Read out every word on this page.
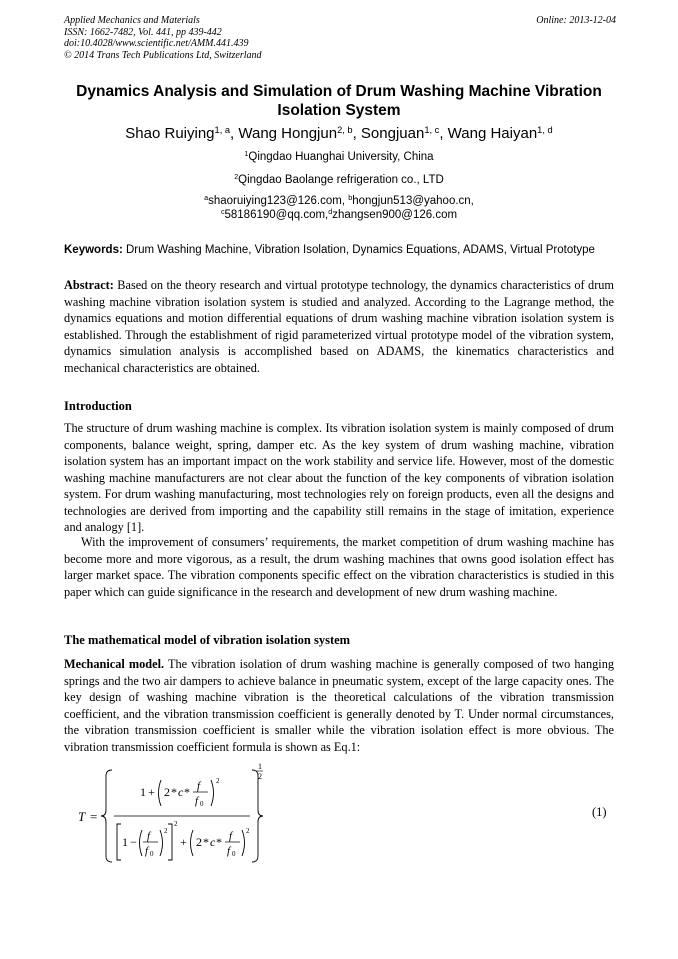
Applied Mechanics and Materials
ISSN: 1662-7482, Vol. 441, pp 439-442
doi:10.4028/www.scientific.net/AMM.441.439
© 2014 Trans Tech Publications Ltd, Switzerland
Online: 2013-12-04
Dynamics Analysis and Simulation of Drum Washing Machine Vibration
Isolation System
Shao Ruiying$^{1, a}$, Wang Hongjun$^{2, b}$, Songjuan$^{1, c}$, Wang Haiyan$^{1, d}$
$^1$Qingdao Huanghai University, China
$^2$Qingdao Baolange refrigeration co., LTD
$^a$shaoruiying123@126.com, $^b$hongjun513@yahoo.cn,
$^c$58186190@qq.com,$^d$zhangsen900@126.com
Keywords: Drum Washing Machine, Vibration Isolation, Dynamics Equations, ADAMS, Virtual Prototype
Abstract: Based on the theory research and virtual prototype technology, the dynamics characteristics of drum washing machine vibration isolation system is studied and analyzed. According to the Lagrange method, the dynamics equations and motion differential equations of drum washing machine vibration isolation system is established. Through the establishment of rigid parameterized virtual prototype model of the vibration system, dynamics simulation analysis is accomplished based on ADAMS, the kinematics characteristics and mechanical characteristics are obtained.
Introduction
The structure of drum washing machine is complex. Its vibration isolation system is mainly composed of drum components, balance weight, spring, damper etc. As the key system of drum washing machine, vibration isolation system has an important impact on the work stability and service life. However, most of the domestic washing machine manufacturers are not clear about the function of the key components of vibration isolation system. For drum washing manufacturing, most technologies rely on foreign products, even all the designs and technologies are derived from importing and the capability still remains in the stage of imitation, experience and analogy [1].
With the improvement of consumers’ requirements, the market competition of drum washing machine has become more and more vigorous, as a result, the drum washing machines that owns good isolation effect has larger market space. The vibration components specific effect on the vibration characteristics is studied in this paper which can guide significance in the research and development of new drum washing machine.
The mathematical model of vibration isolation system
Mechanical model. The vibration isolation of drum washing machine is generally composed of two hanging springs and the two air dampers to achieve balance in pneumatic system, except of the large capacity ones. The key design of washing machine vibration is the theoretical calculations of the vibration transmission coefficient, and the vibration transmission coefficient is generally denoted by T. Under normal circumstances, the vibration transmission coefficient is smaller while the vibration isolation effect is more obvious. The vibration transmission coefficient formula is shown as Eq.1:
T =
1
2
1 + 2 * c * f
f 0
2
1 − f
f 0
2
2
+ 2 * c * f
f 0
2
(1)
